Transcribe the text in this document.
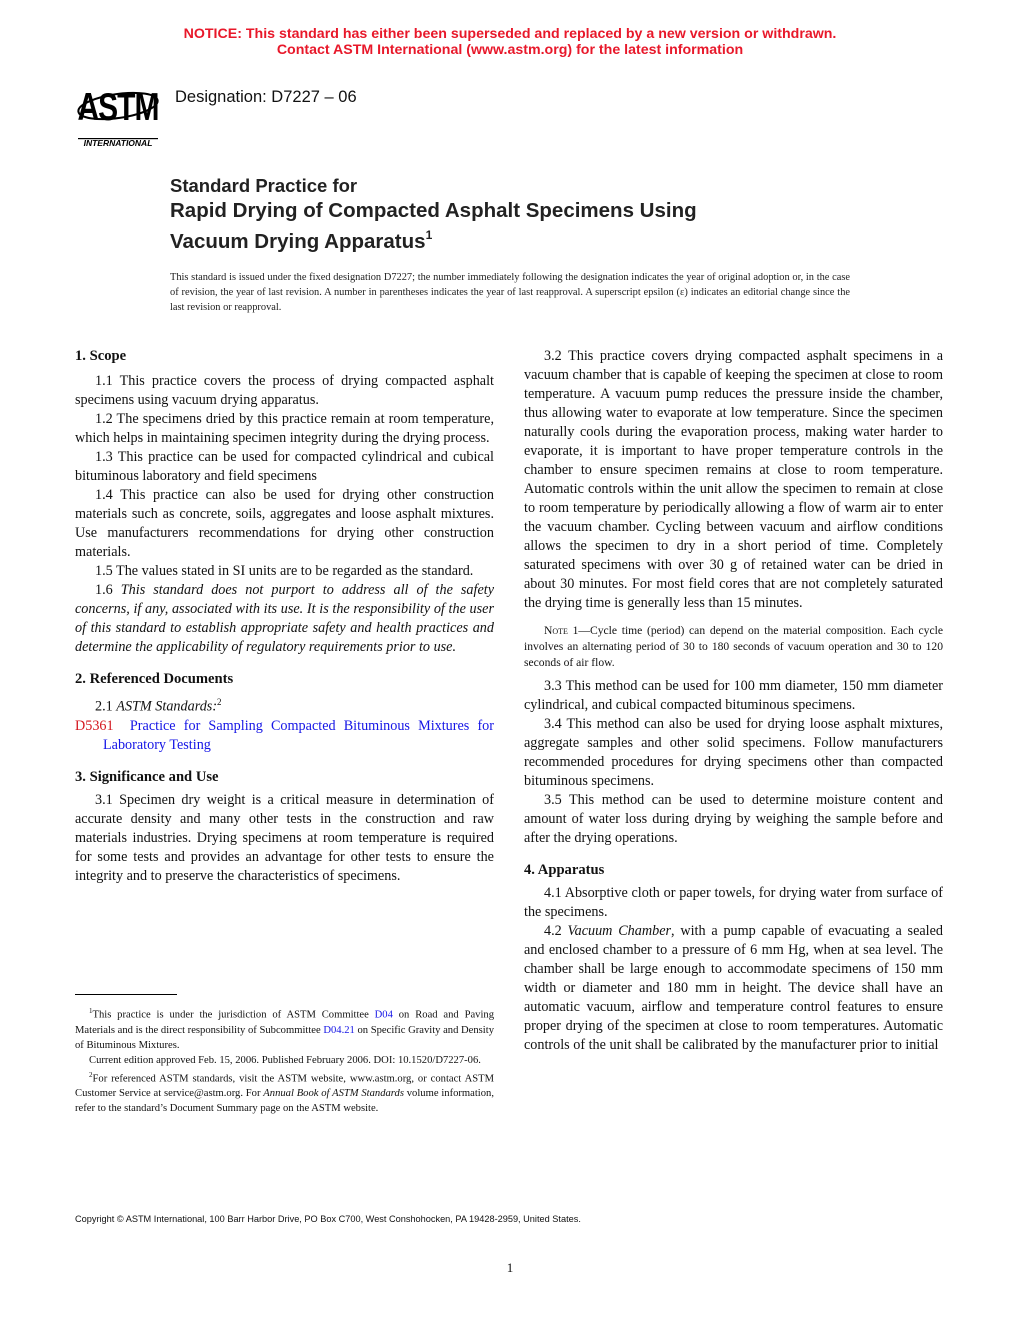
NOTICE: This standard has either been superseded and replaced by a new version or withdrawn.
Contact ASTM International (www.astm.org) for the latest information
ASTM
INTERNATIONAL
Designation: D7227 – 06
Standard Practice for
Rapid Drying of Compacted Asphalt Specimens Using
Vacuum Drying Apparatus$^1$
This standard is issued under the fixed designation D7227; the number immediately following the designation indicates the year of original adoption or, in the case of revision, the year of last revision. A number in parentheses indicates the year of last reapproval. A superscript epsilon (ε) indicates an editorial change since the last revision or reapproval.
1. Scope

1.1 This practice covers the process of drying compacted asphalt specimens using vacuum drying apparatus.

1.2 The specimens dried by this practice remain at room temperature, which helps in maintaining specimen integrity during the drying process.

1.3 This practice can be used for compacted cylindrical and cubical bituminous laboratory and field specimens

1.4 This practice can also be used for drying other construction materials such as concrete, soils, aggregates and loose asphalt mixtures. Use manufacturers recommendations for drying other construction materials.

1.5 The values stated in SI units are to be regarded as the standard.

1.6 This standard does not purport to address all of the safety concerns, if any, associated with its use. It is the responsibility of the user of this standard to establish appropriate safety and health practices and determine the applicability of regulatory requirements prior to use.

2. Referenced Documents

2.1 ASTM Standards:$^2$

D5361 Practice for Sampling Compacted Bituminous Mixtures for Laboratory Testing

3. Significance and Use

3.1 Specimen dry weight is a critical measure in determination of accurate density and many other tests in the construction and raw materials industries. Drying specimens at room temperature is required for some tests and provides an advantage for other tests to ensure the integrity and to preserve the characteristics of specimens.

$^1$This practice is under the jurisdiction of ASTM Committee D04 on Road and Paving Materials and is the direct responsibility of Subcommittee D04.21 on Specific Gravity and Density of Bituminous Mixtures.

Current edition approved Feb. 15, 2006. Published February 2006. DOI: 10.1520/D7227-06.

$^2$For referenced ASTM standards, visit the ASTM website, www.astm.org, or contact ASTM Customer Service at service@astm.org. For Annual Book of ASTM Standards volume information, refer to the standard’s Document Summary page on the ASTM website.

3.2 This practice covers drying compacted asphalt specimens in a vacuum chamber that is capable of keeping the specimen at close to room temperature. A vacuum pump reduces the pressure inside the chamber, thus allowing water to evaporate at low temperature. Since the specimen naturally cools during the evaporation process, making water harder to evaporate, it is important to have proper temperature controls in the chamber to ensure specimen remains at close to room temperature. Automatic controls within the unit allow the specimen to remain at close to room temperature by periodically allowing a flow of warm air to enter the vacuum chamber. Cycling between vacuum and airflow conditions allows the specimen to dry in a short period of time. Completely saturated specimens with over 30 g of retained water can be dried in about 30 minutes. For most field cores that are not completely saturated the drying time is generally less than 15 minutes.

Note 1—Cycle time (period) can depend on the material composition. Each cycle involves an alternating period of 30 to 180 seconds of vacuum operation and 30 to 120 seconds of air flow.

3.3 This method can be used for 100 mm diameter, 150 mm diameter cylindrical, and cubical compacted bituminous specimens.

3.4 This method can also be used for drying loose asphalt mixtures, aggregate samples and other solid specimens. Follow manufacturers recommended procedures for drying specimens other than compacted bituminous specimens.

3.5 This method can be used to determine moisture content and amount of water loss during drying by weighing the sample before and after the drying operations.

4. Apparatus

4.1 Absorptive cloth or paper towels, for drying water from surface of the specimens.

4.2 Vacuum Chamber, with a pump capable of evacuating a sealed and enclosed chamber to a pressure of 6 mm Hg, when at sea level. The chamber shall be large enough to accommodate specimens of 150 mm width or diameter and 180 mm in height. The device shall have an automatic vacuum, airflow and temperature control features to ensure proper drying of the specimen at close to room temperatures. Automatic controls of the unit shall be calibrated by the manufacturer prior to initial

Copyright © ASTM International, 100 Barr Harbor Drive, PO Box C700, West Conshohocken, PA 19428-2959, United States.
1
